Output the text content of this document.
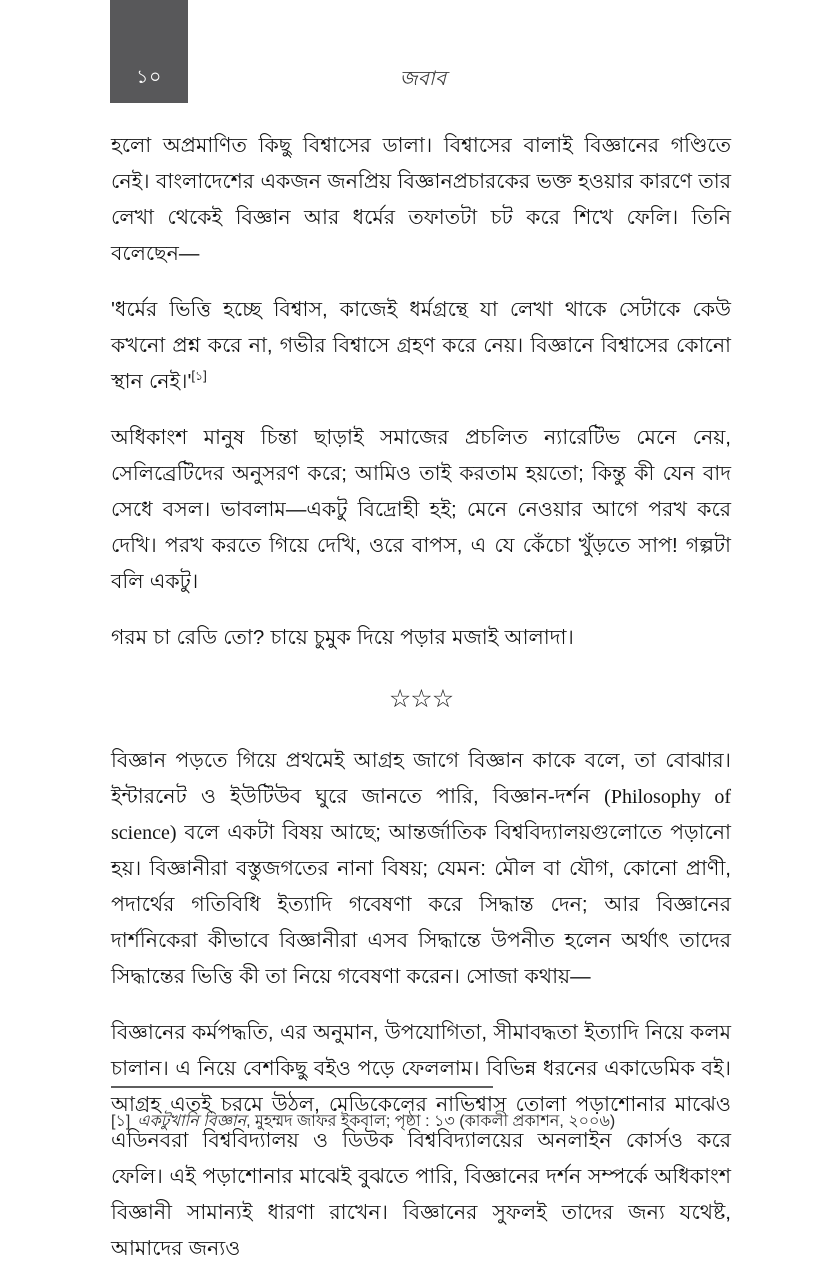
১০	জবাব

হলো অপ্রমাণিত কিছু বিশ্বাসের ডালা। বিশ্বাসের বালাই বিজ্ঞানের গণ্ডিতে নেই। বাংলাদেশের একজন জনপ্রিয় বিজ্ঞানপ্রচারকের ভক্ত হওয়ার কারণে তার লেখা থেকেই বিজ্ঞান আর ধর্মের তফাতটা চট করে শিখে ফেলি। তিনি বলেছেন—

'ধর্মের ভিত্তি হচ্ছে বিশ্বাস, কাজেই ধর্মগ্রন্থে যা লেখা থাকে সেটাকে কেউ কখনো প্রশ্ন করে না, গভীর বিশ্বাসে গ্রহণ করে নেয়। বিজ্ঞানে বিশ্বাসের কোনো স্থান নেই।'[১]

অধিকাংশ মানুষ চিন্তা ছাড়াই সমাজের প্রচলিত ন্যারেটিভ মেনে নেয়, সেলিব্রেটিদের অনুসরণ করে; আমিও তাই করতাম হয়তো; কিন্তু কী যেন বাদ সেধে বসল। ভাবলাম—একটু বিদ্রোহী হই; মেনে নেওয়ার আগে পরখ করে দেখি। পরখ করতে গিয়ে দেখি, ওরে বাপস, এ যে কেঁচো খুঁড়তে সাপ! গল্পটা বলি একটু।

গরম চা রেডি তো? চায়ে চুমুক দিয়ে পড়ার মজাই আলাদা।

☆☆☆

বিজ্ঞান পড়তে গিয়ে প্রথমেই আগ্রহ জাগে বিজ্ঞান কাকে বলে, তা বোঝার। ইন্টারনেট ও ইউটিউব ঘুরে জানতে পারি, বিজ্ঞান-দর্শন (Philosophy of science) বলে একটা বিষয় আছে; আন্তর্জাতিক বিশ্ববিদ্যালয়গুলোতে পড়ানো হয়। বিজ্ঞানীরা বস্তুজগতের নানা বিষয়; যেমন: মৌল বা যৌগ, কোনো প্রাণী, পদার্থের গতিবিধি ইত্যাদি গবেষণা করে সিদ্ধান্ত দেন; আর বিজ্ঞানের দার্শনিকেরা কীভাবে বিজ্ঞানীরা এসব সিদ্ধান্তে উপনীত হলেন অর্থাৎ তাদের সিদ্ধান্তের ভিত্তি কী তা নিয়ে গবেষণা করেন। সোজা কথায়—

বিজ্ঞানের কর্মপদ্ধতি, এর অনুমান, উপযোগিতা, সীমাবদ্ধতা ইত্যাদি নিয়ে কলম চালান। এ নিয়ে বেশকিছু বইও পড়ে ফেললাম। বিভিন্ন ধরনের একাডেমিক বই। আগ্রহ এতই চরমে উঠল, মেডিকেলের নাভিশ্বাস তোলা পড়াশোনার মাঝেও এডিনবরা বিশ্ববিদ্যালয় ও ডিউক বিশ্ববিদ্যালয়ের অনলাইন কোর্সও করে ফেলি। এই পড়াশোনার মাঝেই বুঝতে পারি, বিজ্ঞানের দর্শন সম্পর্কে অধিকাংশ বিজ্ঞানী সামান্যই ধারণা রাখেন। বিজ্ঞানের সুফলই তাদের জন্য যথেষ্ট, আমাদের জন্যও

[১] একটুখানি বিজ্ঞান, মুহম্মদ জাফর ইকবাল; পৃষ্ঠা : ১৩ (কাকলী প্রকাশন, ২০০৬)
